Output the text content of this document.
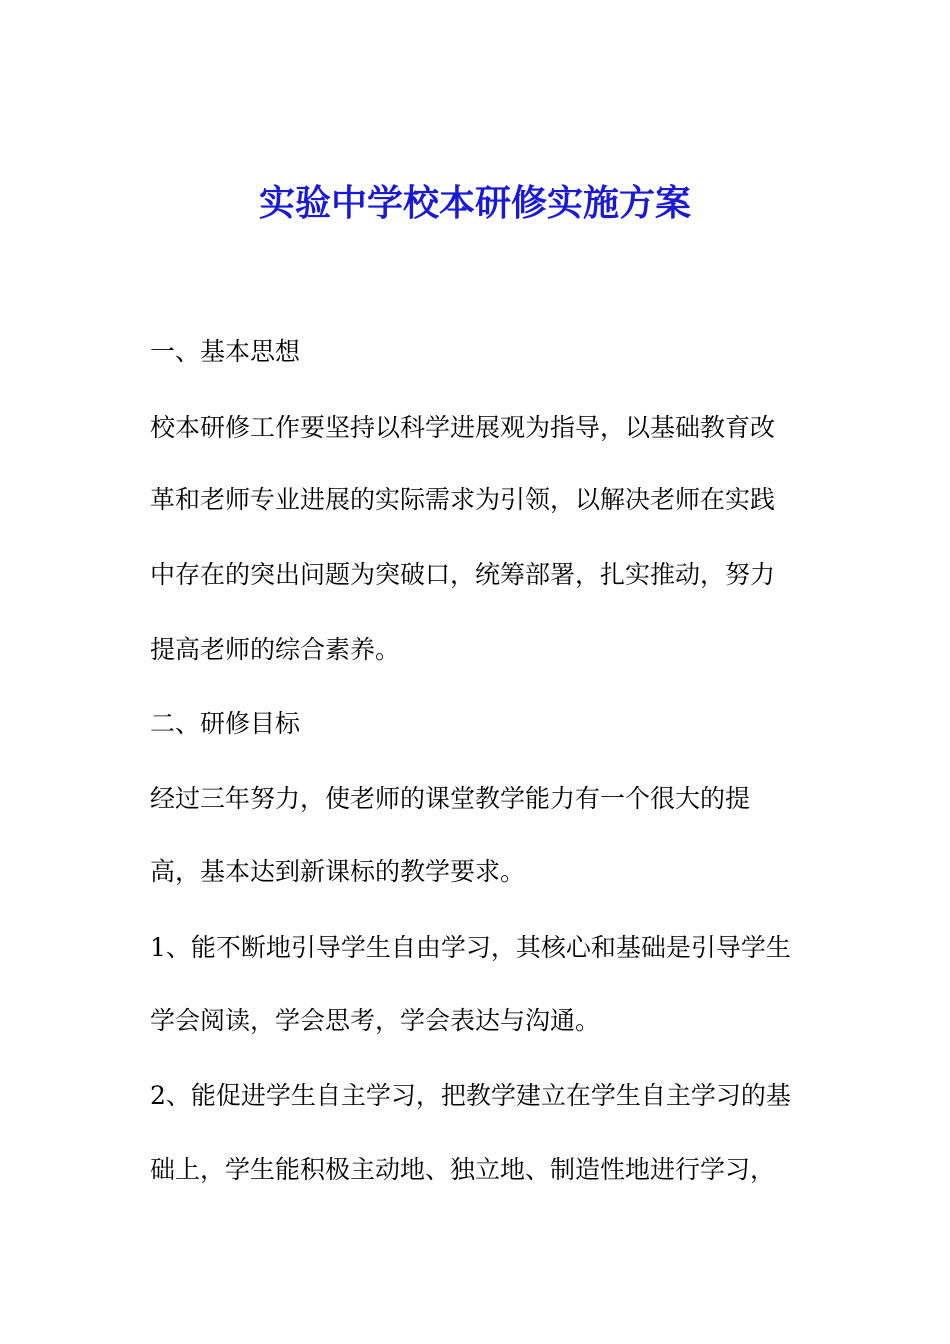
实验中学校本研修实施方案

一、基本思想

校本研修工作要坚持以科学进展观为指导，以基础教育改

革和老师专业进展的实际需求为引领，以解决老师在实践

中存在的突出问题为突破口，统筹部署，扎实推动，努力

提高老师的综合素养。

二、研修目标

经过三年努力，使老师的课堂教学能力有一个很大的提

高，基本达到新课标的教学要求。

1、能不断地引导学生自由学习，其核心和基础是引导学生

学会阅读，学会思考，学会表达与沟通。

2、能促进学生自主学习，把教学建立在学生自主学习的基

础上，学生能积极主动地、独立地、制造性地进行学习，
